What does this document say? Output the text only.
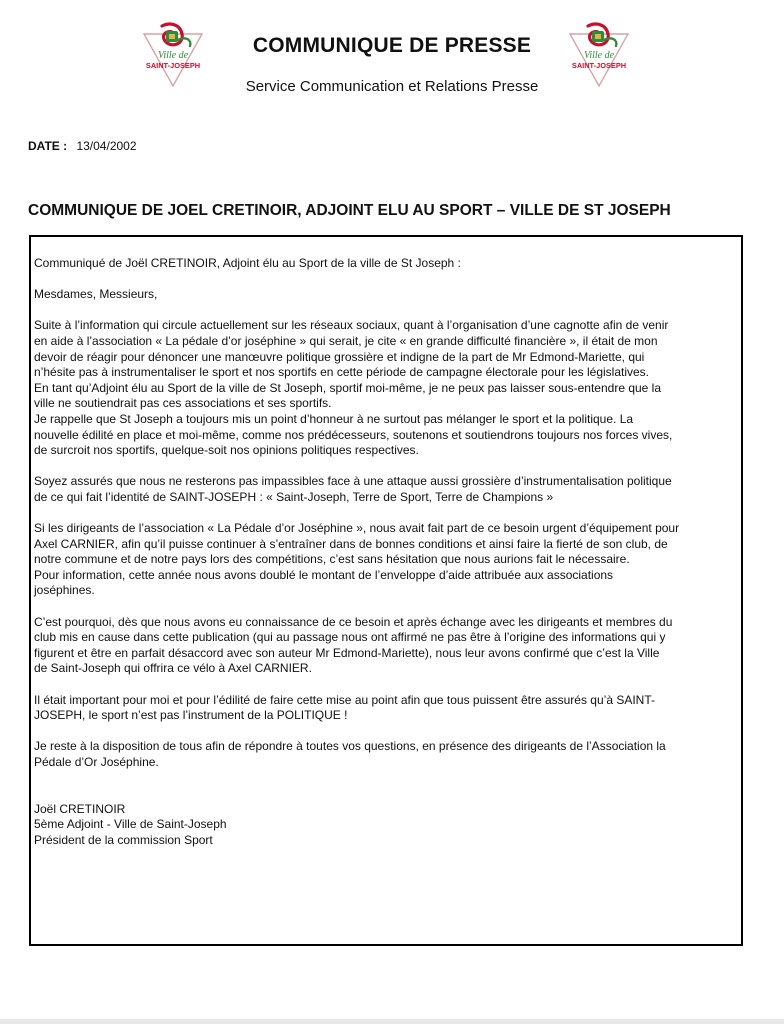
Ville de
SAINT-JOSEPH
COMMUNIQUE DE PRESSE
Service Communication et Relations Presse
Ville de
SAINT-JOSEPH
DATE : 13/04/2002
COMMUNIQUE DE JOEL CRETINOIR, ADJOINT ELU AU SPORT – VILLE DE ST JOSEPH

Communiqué de Joël CRETINOIR, Adjoint élu au Sport de la ville de St Joseph :

Mesdames, Messieurs,

Suite à l’information qui circule actuellement sur les réseaux sociaux, quant à l’organisation d’une cagnotte afin de venir

en aide à l’association « La pédale d’or joséphine » qui serait, je cite « en grande difficulté financière », il était de mon

devoir de réagir pour dénoncer une manœuvre politique grossière et indigne de la part de Mr Edmond-Mariette, qui

n’hésite pas à instrumentaliser le sport et nos sportifs en cette période de campagne électorale pour les législatives.

En tant qu’Adjoint élu au Sport de la ville de St Joseph, sportif moi-même, je ne peux pas laisser sous-entendre que la

ville ne soutiendrait pas ces associations et ses sportifs.

Je rappelle que St Joseph a toujours mis un point d’honneur à ne surtout pas mélanger le sport et la politique. La

nouvelle édilité en place et moi-même, comme nos prédécesseurs, soutenons et soutiendrons toujours nos forces vives,

de surcroit nos sportifs, quelque-soit nos opinions politiques respectives.

Soyez assurés que nous ne resterons pas impassibles face à une attaque aussi grossière d’instrumentalisation politique

de ce qui fait l’identité de SAINT-JOSEPH : « Saint-Joseph, Terre de Sport, Terre de Champions »

Si les dirigeants de l’association « La Pédale d’or Joséphine », nous avait fait part de ce besoin urgent d’équipement pour

Axel CARNIER, afin qu’il puisse continuer à s’entraîner dans de bonnes conditions et ainsi faire la fierté de son club, de

notre commune et de notre pays lors des compétitions, c’est sans hésitation que nous aurions fait le nécessaire.

Pour information, cette année nous avons doublé le montant de l’enveloppe d’aide attribuée aux associations

joséphines.

C’est pourquoi, dès que nous avons eu connaissance de ce besoin et après échange avec les dirigeants et membres du

club mis en cause dans cette publication (qui au passage nous ont affirmé ne pas être à l’origine des informations qui y

figurent et être en parfait désaccord avec son auteur Mr Edmond-Mariette), nous leur avons confirmé que c’est la Ville

de Saint-Joseph qui offrira ce vélo à Axel CARNIER.

Il était important pour moi et pour l’édilité de faire cette mise au point afin que tous puissent être assurés qu’à SAINT-

JOSEPH, le sport n’est pas l’instrument de la POLITIQUE !

Je reste à la disposition de tous afin de répondre à toutes vos questions, en présence des dirigeants de l’Association la

Pédale d’Or Joséphine.

Joël CRETINOIR

5ème Adjoint - Ville de Saint-Joseph

Président de la commission Sport
